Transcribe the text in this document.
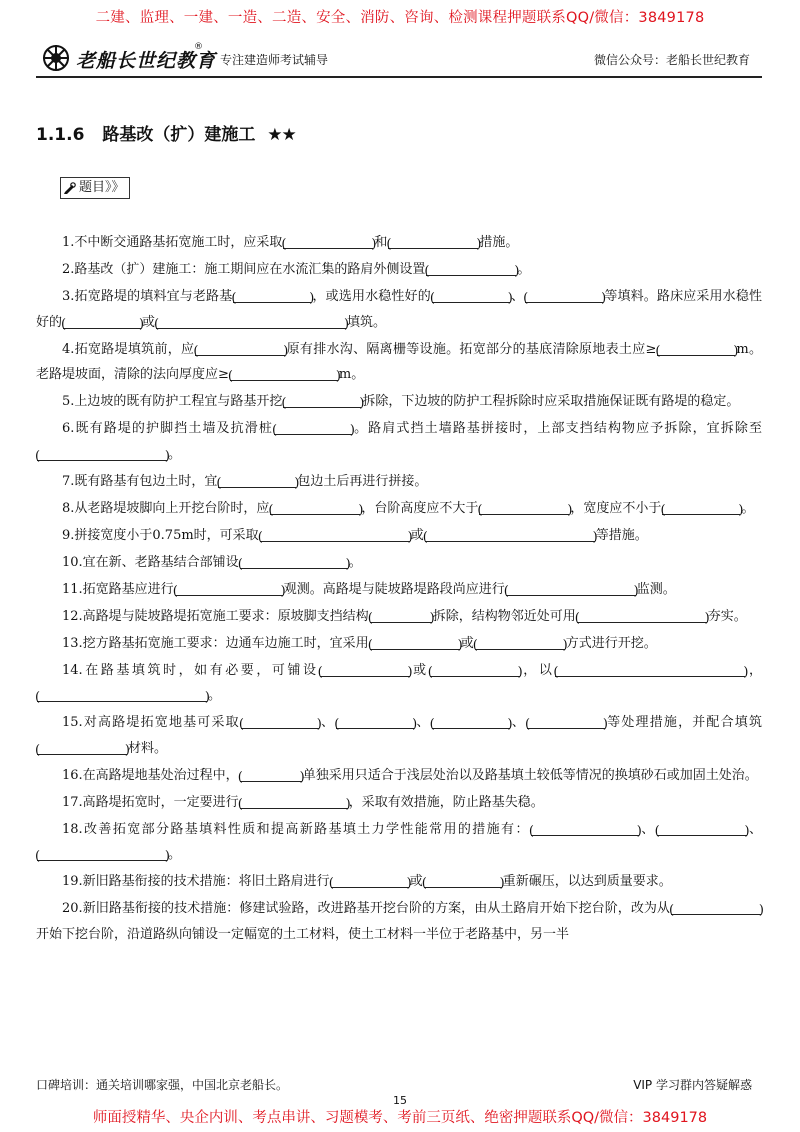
二建、监理、一建、一造、二造、安全、消防、咨询、检测课程押题联系QQ/微信：3849178
老船长世纪教育
®
专注建造师考试辅导	微信公众号：老船长世纪教育
1.1.6 路基改（扩）建施工 ★★
题目》》
1.不中断交通路基拓宽施工时，应采取 ( )	和 ( )	措施。
2.路基改（扩）建施工：施工期间应在水流汇集的路肩外侧设置 ( )	。
3.拓宽路堤的填料宜与老路基 ( )	，或选用水稳性好的 ( )	、 ( )	等填料。路床应采用水稳性好的 ( )	或 ( )	填筑。
4.拓宽路堤填筑前，应 ( )	原有排水沟、隔离栅等设施。拓宽部分的基底清除原地表土应≥( )	m。老路堤坡面，清除的法向厚度应≥ ( )	m。
5.上边坡的既有防护工程宜与路基开挖 ( )	拆除，下边坡的防护工程拆除时应采取措施保证既有路堤的稳定。
6.既有路堤的护脚挡土墙及抗滑桩 ( )	。路肩式挡土墙路基拼接时，上部支挡结构物应予拆除，宜拆除至( )。
7.既有路基有包边土时，宜 ( )	包边土后再进行拼接。
8.从老路堤坡脚向上开挖台阶时，应 ( )	，台阶高度应不大于 ( )	，宽度应不小于( )	。
9.拼接宽度小于0.75m时，可采取 ( )	或 ( )	等措施。
10.宜在新、老路基结合部铺设 ( )	。
11.拓宽路基应进行 ( )	观测。高路堤与陡坡路堤路段尚应进行 ( )	监测。
12.高路堤与陡坡路堤拓宽施工要求：原坡脚支挡结构 ( )	拆除，结构物邻近处可用 ( )	夯实。
13.挖方路基拓宽施工要求：边通车边施工时，宜采用 ( )	或 ( )	方式进行开挖。
14.在路基填筑时，如有必要，可铺设 ( )	或 ( )	，以 ( )	，( )。
15.对高路堤拓宽地基可采取 ( )	、 ( )	、 ( )	、 ( )	等处理措施，并配合填筑( )材料。
16.在高路堤地基处治过程中， ( )	单独采用只适合于浅层处治以及路基填土较低等情况的换填砂石或加固土处治。
17.高路堤拓宽时，一定要进行 ( )	，采取有效措施，防止路基失稳。
18.改善拓宽部分路基填料性质和提高新路基填土力学性能常用的措施有： ( )	、 ( )	、( )。
19.新旧路基衔接的技术措施：将旧土路肩进行 ( )	或 ( )	重新碾压，以达到质量要求。
20.新旧路基衔接的技术措施：修建试验路，改进路基开挖台阶的方案，由从土路肩开始下挖台阶，改为从( )开始下挖台阶，沿道路纵向铺设一定幅宽的土工材料，使土工材料一半位于老路基中，另一半
口碑培训：通关培训哪家强，中国北京老船长。	VIP 学习群内答疑解惑
15
师面授精华、央企内训、考点串讲、习题模考、考前三页纸、绝密押题联系QQ/微信：3849178
